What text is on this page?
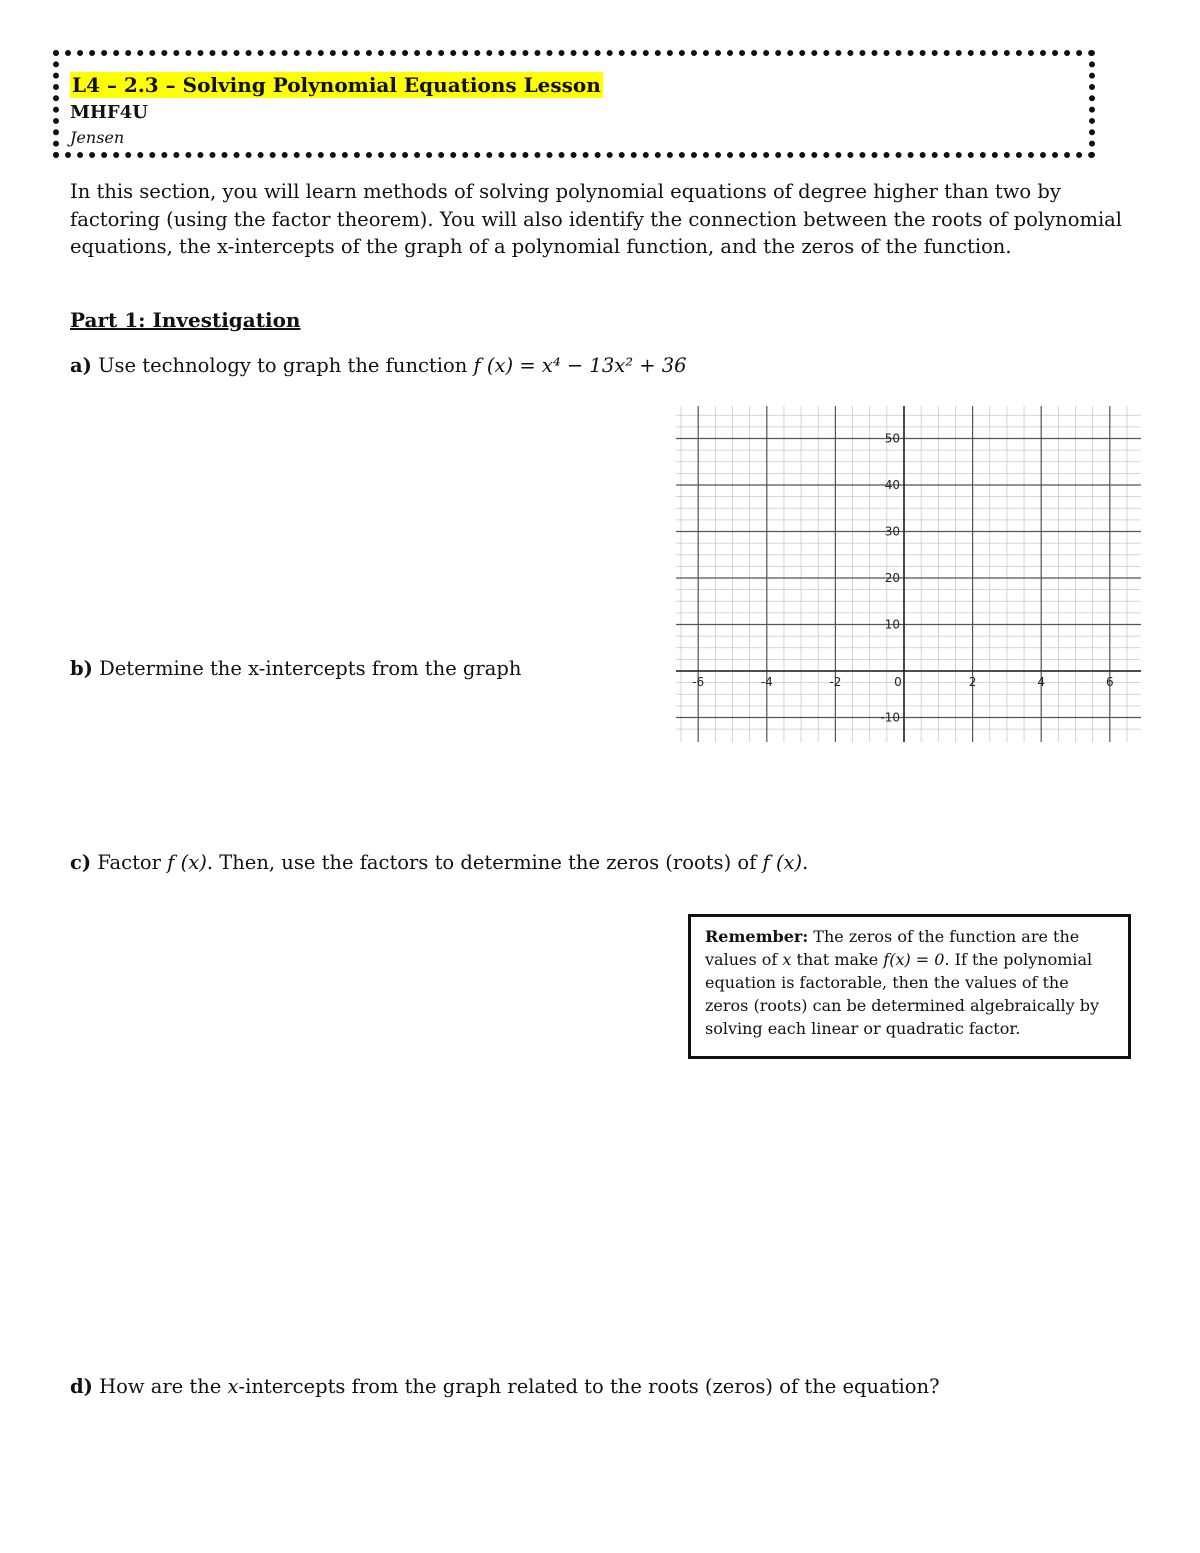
L4 – 2.3 – Solving Polynomial Equations Lesson
MHF4U
Jensen

In this section, you will learn methods of solving polynomial equations of degree higher than two by factoring (using the factor theorem). You will also identify the connection between the roots of polynomial equations, the x-intercepts of the graph of a polynomial function, and the zeros of the function.

Part 1: Investigation
a) Use technology to graph the function f (x) = x⁴ − 13x² + 36
-6	-4	-2	0	2	4	6
10
20
30
40
50
-10
b) Determine the x-intercepts from the graph
c) Factor f (x). Then, use the factors to determine the zeros (roots) of f (x).
Remember: The zeros of the function are the values of x that make f(x) = 0. If the polynomial equation is factorable, then the values of the zeros (roots) can be determined algebraically by solving each linear or quadratic factor.
d) How are the x-intercepts from the graph related to the roots (zeros) of the equation?
